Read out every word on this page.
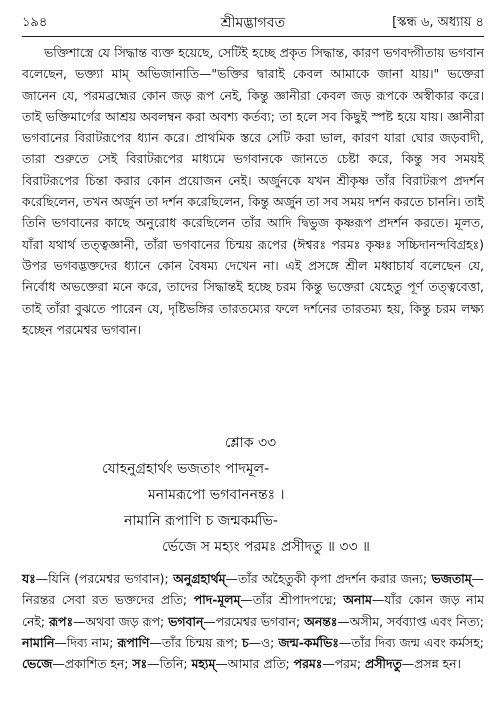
১৯৪	শ্রীমদ্ভাগবত	[স্কন্ধ ৬, অধ্যায় ৪

ভক্তিশাস্ত্রে যে সিদ্ধান্ত ব্যক্ত হয়েছে, সেটিই হচ্ছে প্রকৃত সিদ্ধান্ত, কারণ ভগবদ্গীতায় ভগবান বলেছেন, ভক্ত্যা মাম্ অভিজানাতি—"ভক্তির দ্বারাই কেবল আমাকে জানা যায়।" ভক্তেরা জানেন যে, পরমব্রহ্মের কোন জড় রূপ নেই, কিন্তু জ্ঞানীরা কেবল জড় রূপকে অস্বীকার করে। তাই ভক্তিমার্গের আশ্রয় অবলম্বন করা অবশ্য কর্তব্য; তা হলে সব কিছুই স্পষ্ট হয়ে যায়। জ্ঞানীরা ভগবানের বিরাটরূপের ধ্যান করে। প্রাথমিক স্তরে সেটি করা ভাল, কারণ যারা ঘোর জড়বাদী, তারা শুরুতে সেই বিরাটরূপের মাধ্যমে ভগবানকে জানতে চেষ্টা করে, কিন্তু সব সময়ই বিরাটরূপের চিন্তা করার কোন প্রয়োজন নেই। অর্জুনকে যখন শ্রীকৃষ্ণ তাঁর বিরাটরূপ প্রদর্শন করেছিলেন, তখন অর্জুন তা দর্শন করেছিলেন, কিন্তু অর্জুন তা সব সময় দর্শন করতে চাননি। তাই তিনি ভগবানের কাছে অনুরোধ করেছিলেন তাঁর আদি দ্বিভুজ কৃষ্ণরূপ প্রদর্শন করতে। মূলত, যাঁরা যথার্থ তত্ত্বজ্ঞানী, তাঁরা ভগবানের চিন্ময় রূপের (ঈশ্বরঃ পরমঃ কৃষ্ণঃ সচ্চিদানন্দবিগ্রহঃ) উপর ভগবদ্ভক্তদের ধ্যানে কোন বৈষম্য দেখেন না। এই প্রসঙ্গে শ্রীল মধ্বাচার্য বলেছেন যে, নির্বোধ অভক্তেরা মনে করে, তাদের সিদ্ধান্তই হচ্ছে চরম কিন্তু ভক্তেরা যেহেতু পূর্ণ তত্ত্ববেত্তা, তাই তাঁরা বুঝতে পারেন যে, দৃষ্টিভঙ্গির তারতম্যের ফলে দর্শনের তারতম্য হয়, কিন্তু চরম লক্ষ্য হচ্ছেন পরমেশ্বর ভগবান।

শ্লোক ৩৩
যোহনুগ্রহার্থং ভজতাং পাদমূল-
মনামরূপো ভগবাননন্তঃ ।
নামানি রূপাণি চ জন্মকর্মভি-
র্ভেজে স মহ্যং পরমঃ প্রসীদতু ॥ ৩৩ ॥

যঃ—যিনি (পরমেশ্বর ভগবান); অনুগ্রহার্থম্—তাঁর অহৈতুকী কৃপা প্রদর্শন করার জন্য; ভজতাম্—নিরন্তর সেবা রত ভক্তদের প্রতি; পাদ-মূলম্—তাঁর শ্রীপাদপদ্মে; অনাম—যাঁর কোন জড় নাম নেই; রূপঃ—অথবা জড় রূপ; ভগবান্—পরমেশ্বর ভগবান; অনন্তঃ—অসীম, সর্বব্যাপ্ত এবং নিত্য; নামানি—দিব্য নাম; রূপাণি—তাঁর চিন্ময় রূপ; চ—ও; জন্ম-কর্মভিঃ—তাঁর দিব্য জন্ম এবং কর্মসহ; ভেজে—প্রকাশিত হন; সঃ—তিনি; মহ্যম্—আমার প্রতি; পরমঃ—পরম; প্রসীদতু—প্রসন্ন হন।
